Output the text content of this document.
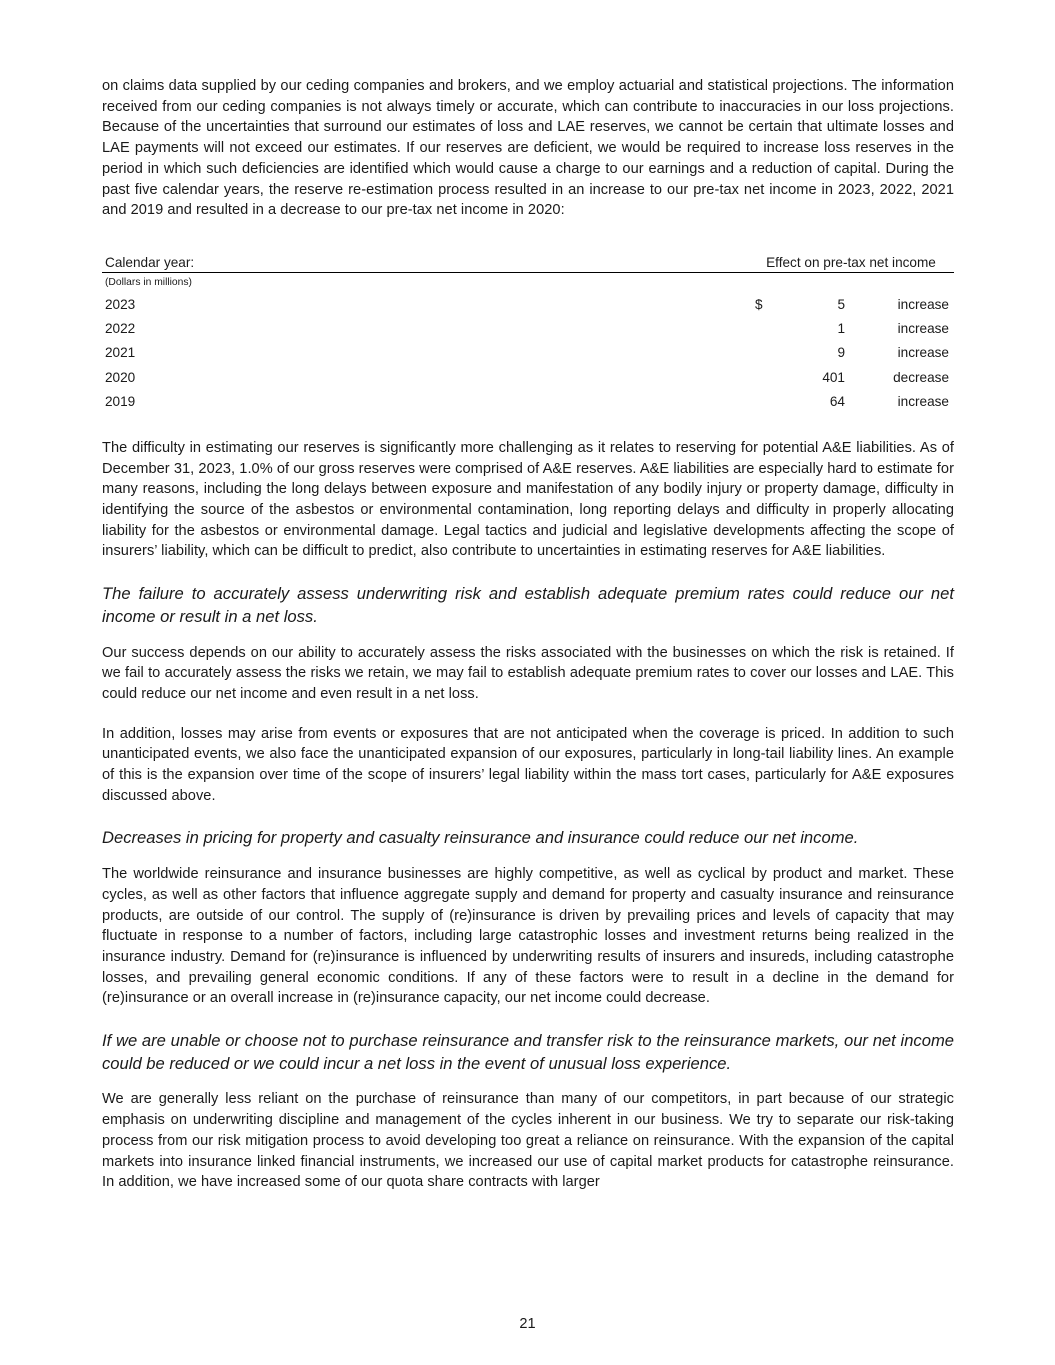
on claims data supplied by our ceding companies and brokers, and we employ actuarial and statistical projections. The information received from our ceding companies is not always timely or accurate, which can contribute to inaccuracies in our loss projections. Because of the uncertainties that surround our estimates of loss and LAE reserves, we cannot be certain that ultimate losses and LAE payments will not exceed our estimates. If our reserves are deficient, we would be required to increase loss reserves in the period in which such deficiencies are identified which would cause a charge to our earnings and a reduction of capital. During the past five calendar years, the reserve re-estimation process resulted in an increase to our pre-tax net income in 2023, 2022, 2021 and 2019 and resulted in a decrease to our pre-tax net income in 2020:

Calendar year:	Effect on pre-tax net income		
(Dollars in millions)			
2023	$	5	increase
2022		1	increase
2021		9	increase
2020		401	decrease
2019		64	increase

The difficulty in estimating our reserves is significantly more challenging as it relates to reserving for potential A&E liabilities. As of December 31, 2023, 1.0% of our gross reserves were comprised of A&E reserves. A&E liabilities are especially hard to estimate for many reasons, including the long delays between exposure and manifestation of any bodily injury or property damage, difficulty in identifying the source of the asbestos or environmental contamination, long reporting delays and difficulty in properly allocating liability for the asbestos or environmental damage. Legal tactics and judicial and legislative developments affecting the scope of insurers’ liability, which can be difficult to predict, also contribute to uncertainties in estimating reserves for A&E liabilities.

The failure to accurately assess underwriting risk and establish adequate premium rates could reduce our net income or result in a net loss.

Our success depends on our ability to accurately assess the risks associated with the businesses on which the risk is retained. If we fail to accurately assess the risks we retain, we may fail to establish adequate premium rates to cover our losses and LAE. This could reduce our net income and even result in a net loss.

In addition, losses may arise from events or exposures that are not anticipated when the coverage is priced. In addition to such unanticipated events, we also face the unanticipated expansion of our exposures, particularly in long-tail liability lines. An example of this is the expansion over time of the scope of insurers’ legal liability within the mass tort cases, particularly for A&E exposures discussed above.

Decreases in pricing for property and casualty reinsurance and insurance could reduce our net income.

The worldwide reinsurance and insurance businesses are highly competitive, as well as cyclical by product and market. These cycles, as well as other factors that influence aggregate supply and demand for property and casualty insurance and reinsurance products, are outside of our control. The supply of (re)insurance is driven by prevailing prices and levels of capacity that may fluctuate in response to a number of factors, including large catastrophic losses and investment returns being realized in the insurance industry. Demand for (re)insurance is influenced by underwriting results of insurers and insureds, including catastrophe losses, and prevailing general economic conditions. If any of these factors were to result in a decline in the demand for (re)insurance or an overall increase in (re)insurance capacity, our net income could decrease.

If we are unable or choose not to purchase reinsurance and transfer risk to the reinsurance markets, our net income could be reduced or we could incur a net loss in the event of unusual loss experience.

We are generally less reliant on the purchase of reinsurance than many of our competitors, in part because of our strategic emphasis on underwriting discipline and management of the cycles inherent in our business. We try to separate our risk-taking process from our risk mitigation process to avoid developing too great a reliance on reinsurance. With the expansion of the capital markets into insurance linked financial instruments, we increased our use of capital market products for catastrophe reinsurance. In addition, we have increased some of our quota share contracts with larger

21
